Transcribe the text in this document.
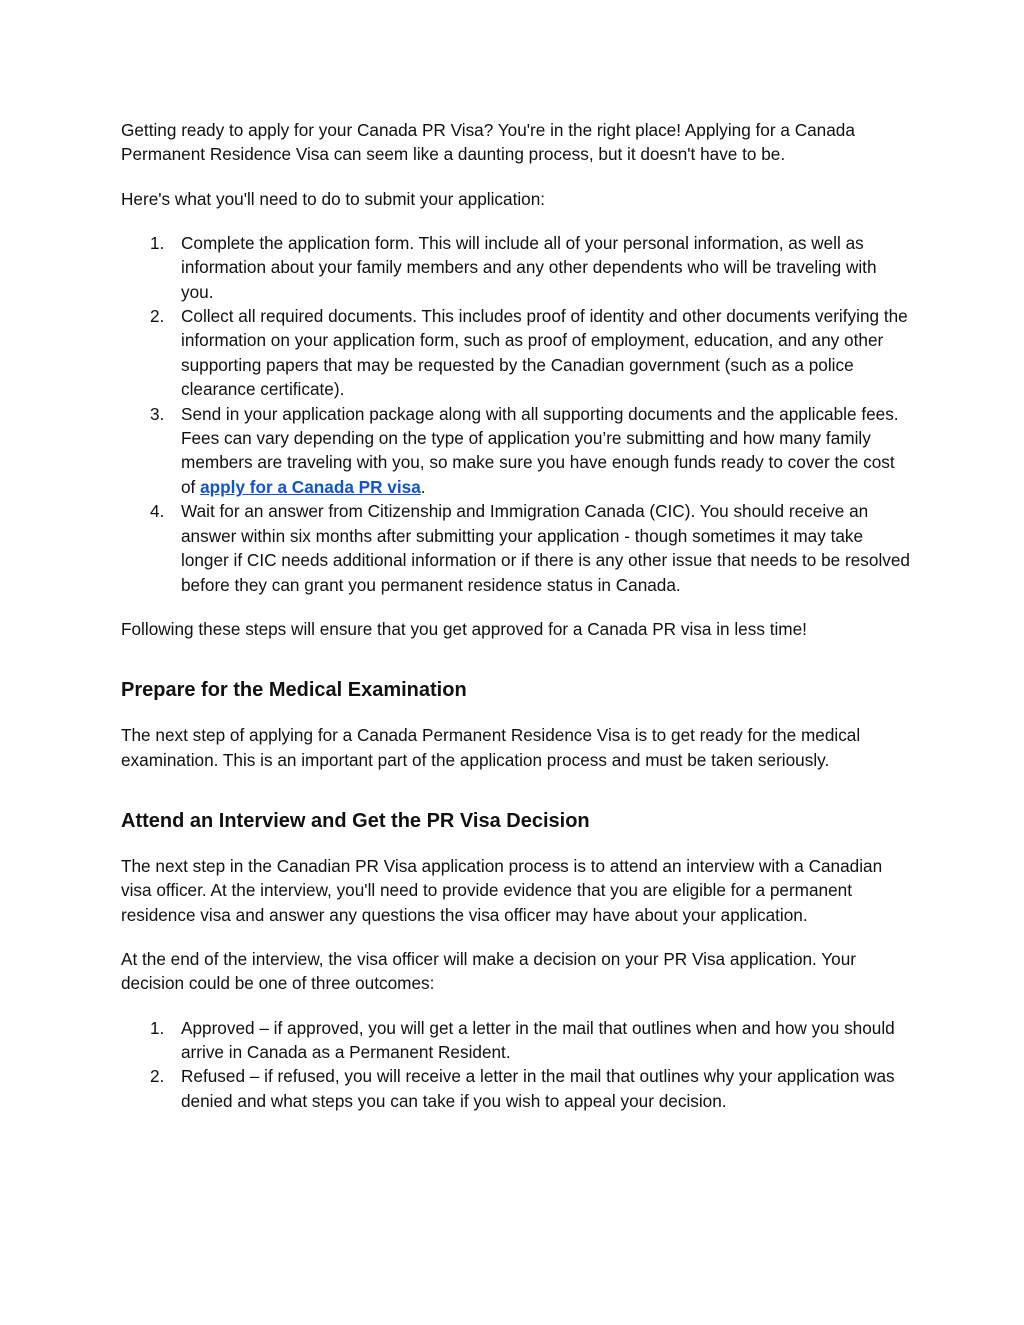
Getting ready to apply for your Canada PR Visa? You're in the right place! Applying for a Canada Permanent Residence Visa can seem like a daunting process, but it doesn't have to be.

Here's what you'll need to do to submit your application:

1. Complete the application form. This will include all of your personal information, as well as information about your family members and any other dependents who will be traveling with you.
2. Collect all required documents. This includes proof of identity and other documents verifying the information on your application form, such as proof of employment, education, and any other supporting papers that may be requested by the Canadian government (such as a police clearance certificate).
3. Send in your application package along with all supporting documents and the applicable fees. Fees can vary depending on the type of application you’re submitting and how many family members are traveling with you, so make sure you have enough funds ready to cover the cost of apply for a Canada PR visa.
4. Wait for an answer from Citizenship and Immigration Canada (CIC). You should receive an answer within six months after submitting your application - though sometimes it may take longer if CIC needs additional information or if there is any other issue that needs to be resolved before they can grant you permanent residence status in Canada.

Following these steps will ensure that you get approved for a Canada PR visa in less time!

Prepare for the Medical Examination

The next step of applying for a Canada Permanent Residence Visa is to get ready for the medical examination. This is an important part of the application process and must be taken seriously.

Attend an Interview and Get the PR Visa Decision

The next step in the Canadian PR Visa application process is to attend an interview with a Canadian visa officer. At the interview, you'll need to provide evidence that you are eligible for a permanent residence visa and answer any questions the visa officer may have about your application.

At the end of the interview, the visa officer will make a decision on your PR Visa application. Your decision could be one of three outcomes:

1. Approved – if approved, you will get a letter in the mail that outlines when and how you should arrive in Canada as a Permanent Resident.
2. Refused – if refused, you will receive a letter in the mail that outlines why your application was denied and what steps you can take if you wish to appeal your decision.
